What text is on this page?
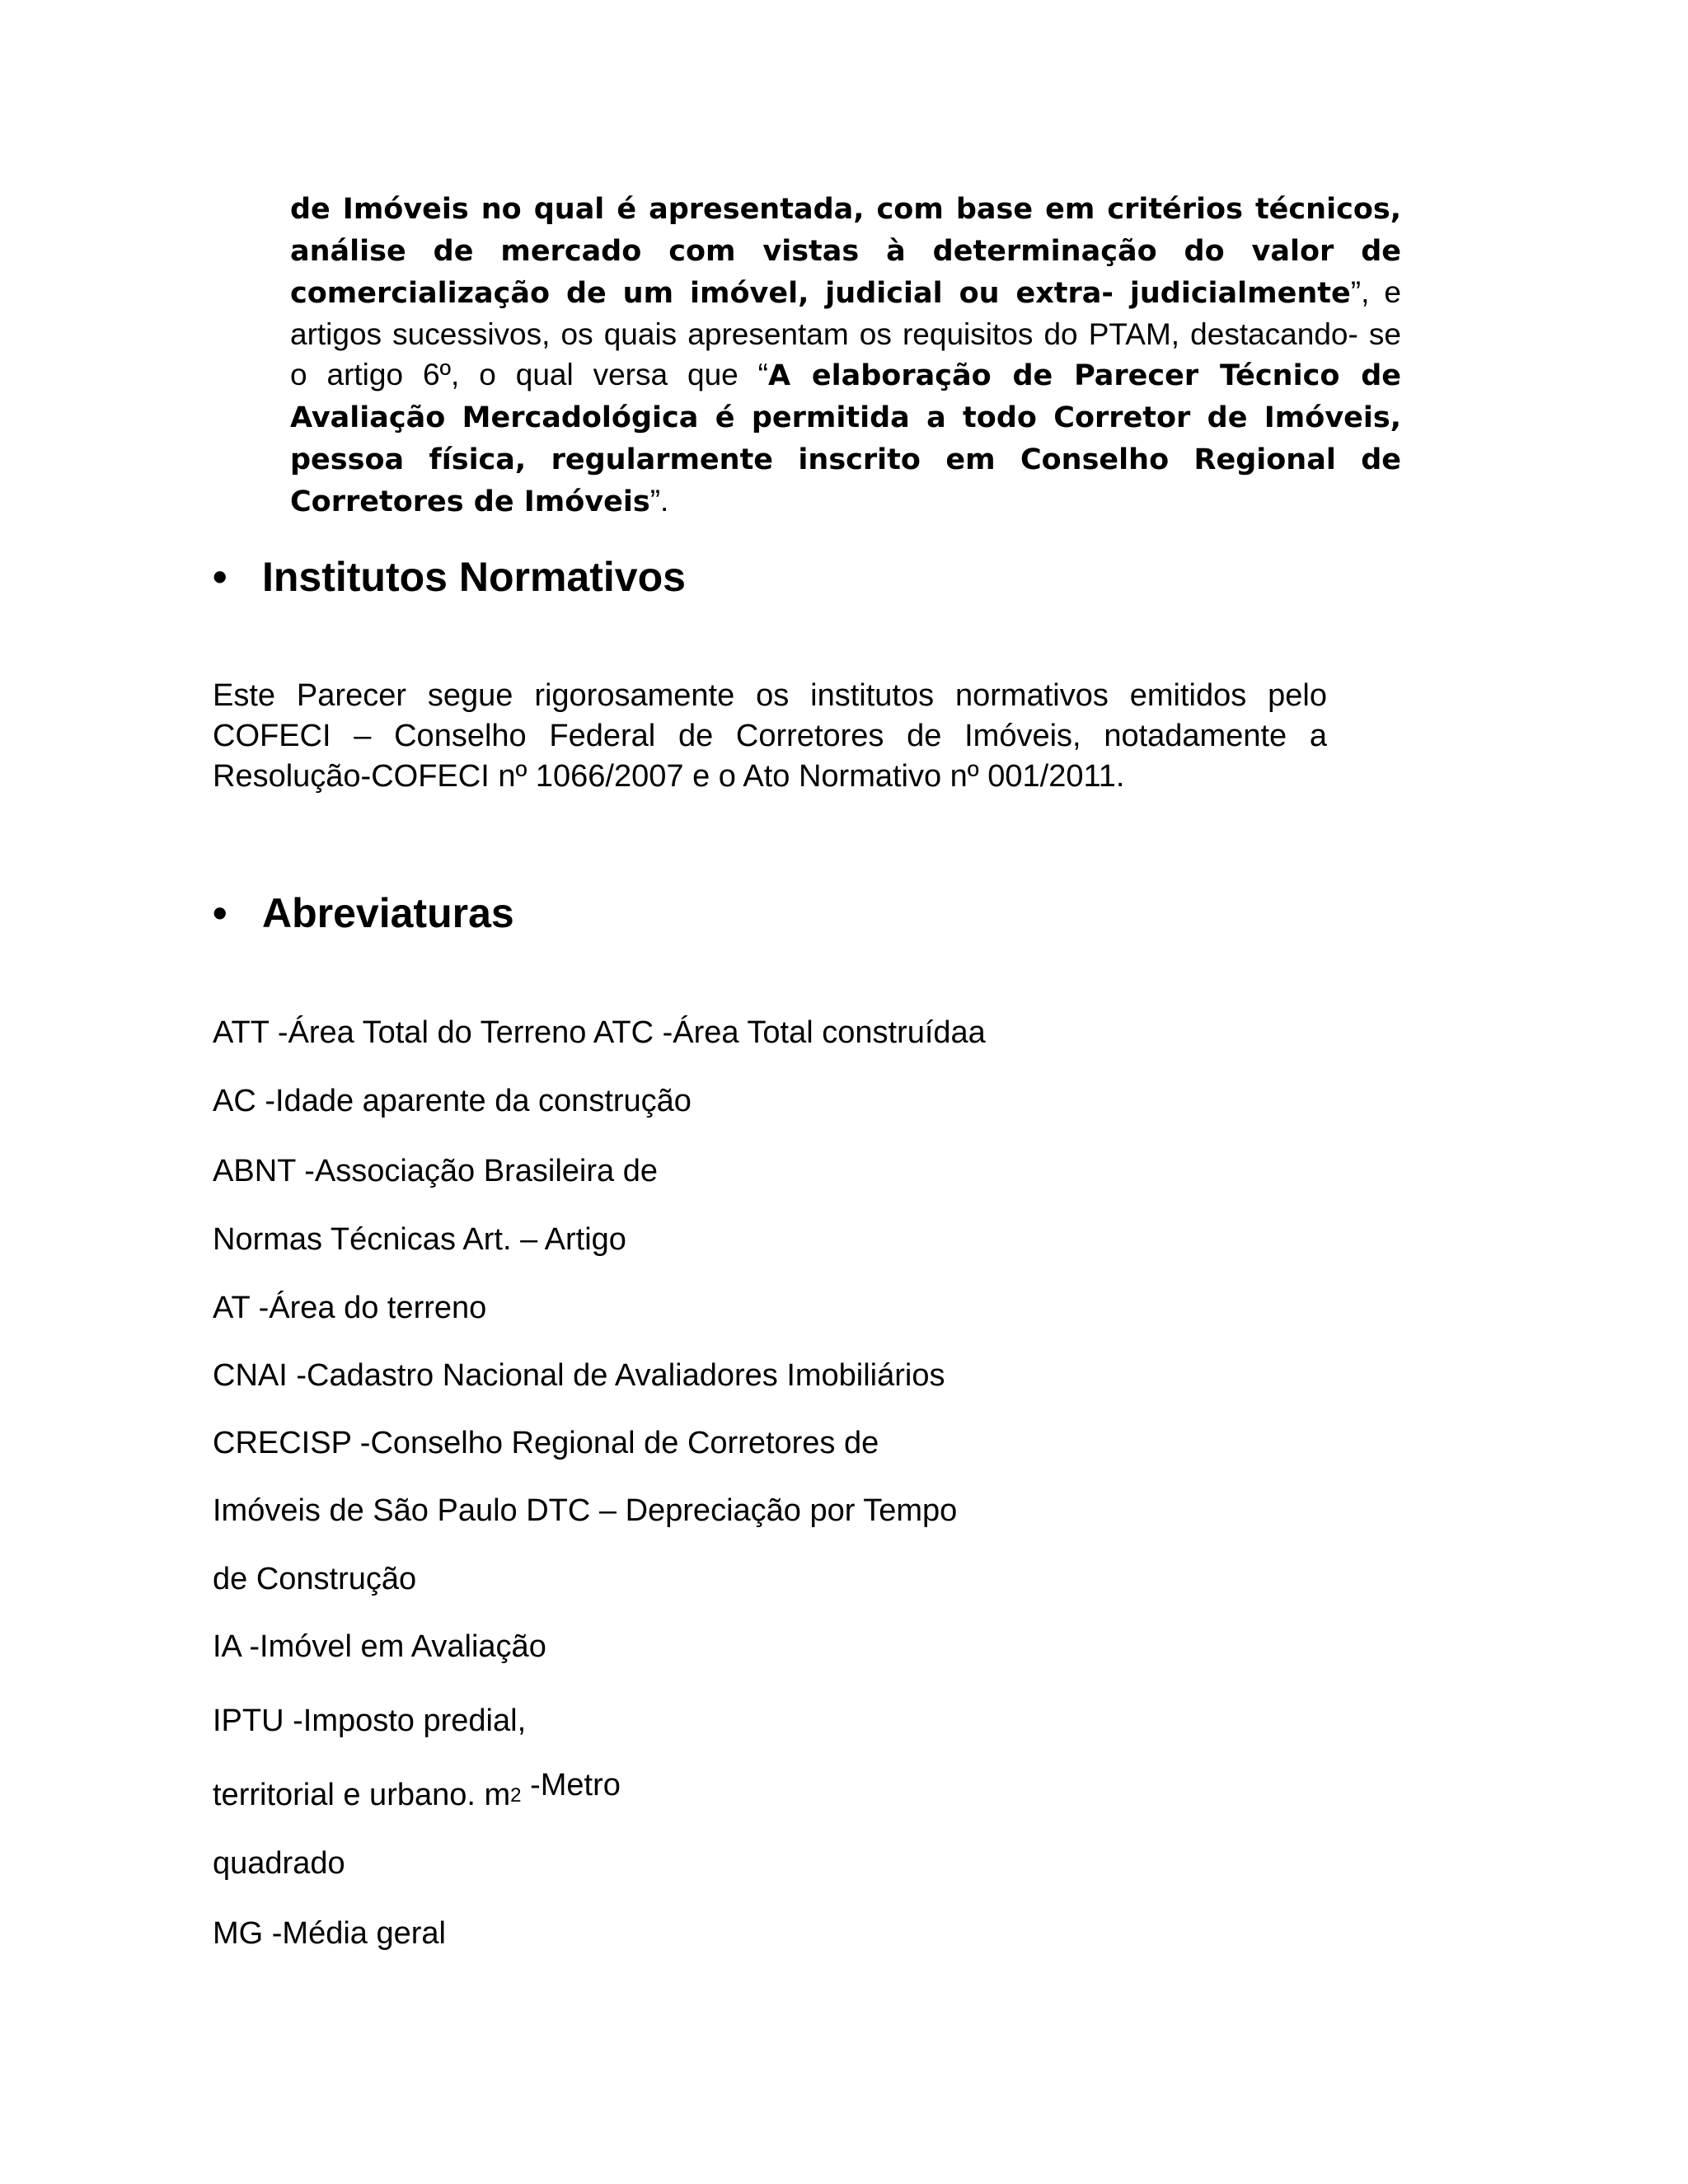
de Imóveis no qual é apresentada, com base em critérios técnicos, análise de mercado com vistas à determinação do valor de comercialização de um imóvel, judicial ou extra- judicialmente”, e artigos sucessivos, os quais apresentam os requisitos do PTAM, destacando- se o artigo 6º, o qual versa que “A elaboração de Parecer Técnico de Avaliação Mercadológica é permitida a todo Corretor de Imóveis, pessoa física, regularmente inscrito em Conselho Regional de Corretores de Imóveis”.
• Institutos Normativos
Este Parecer segue rigorosamente os institutos normativos emitidos pelo COFECI – Conselho Federal de Corretores de Imóveis, notadamente a Resolução-COFECI nº 1066/2007 e o Ato Normativo nº 001/2011.
• Abreviaturas
ATT -Área Total do Terreno ATC -Área Total construídaa
AC -Idade aparente da construção
ABNT -Associação Brasileira de
Normas Técnicas Art. – Artigo
AT -Área do terreno
CNAI -Cadastro Nacional de Avaliadores Imobiliários
CRECISP -Conselho Regional de Corretores de
Imóveis de São Paulo DTC – Depreciação por Tempo
de Construção
IA -Imóvel em Avaliação
IPTU -Imposto predial,
territorial e urbano. $m^2$ -Metro
quadrado
MG -Média geral
